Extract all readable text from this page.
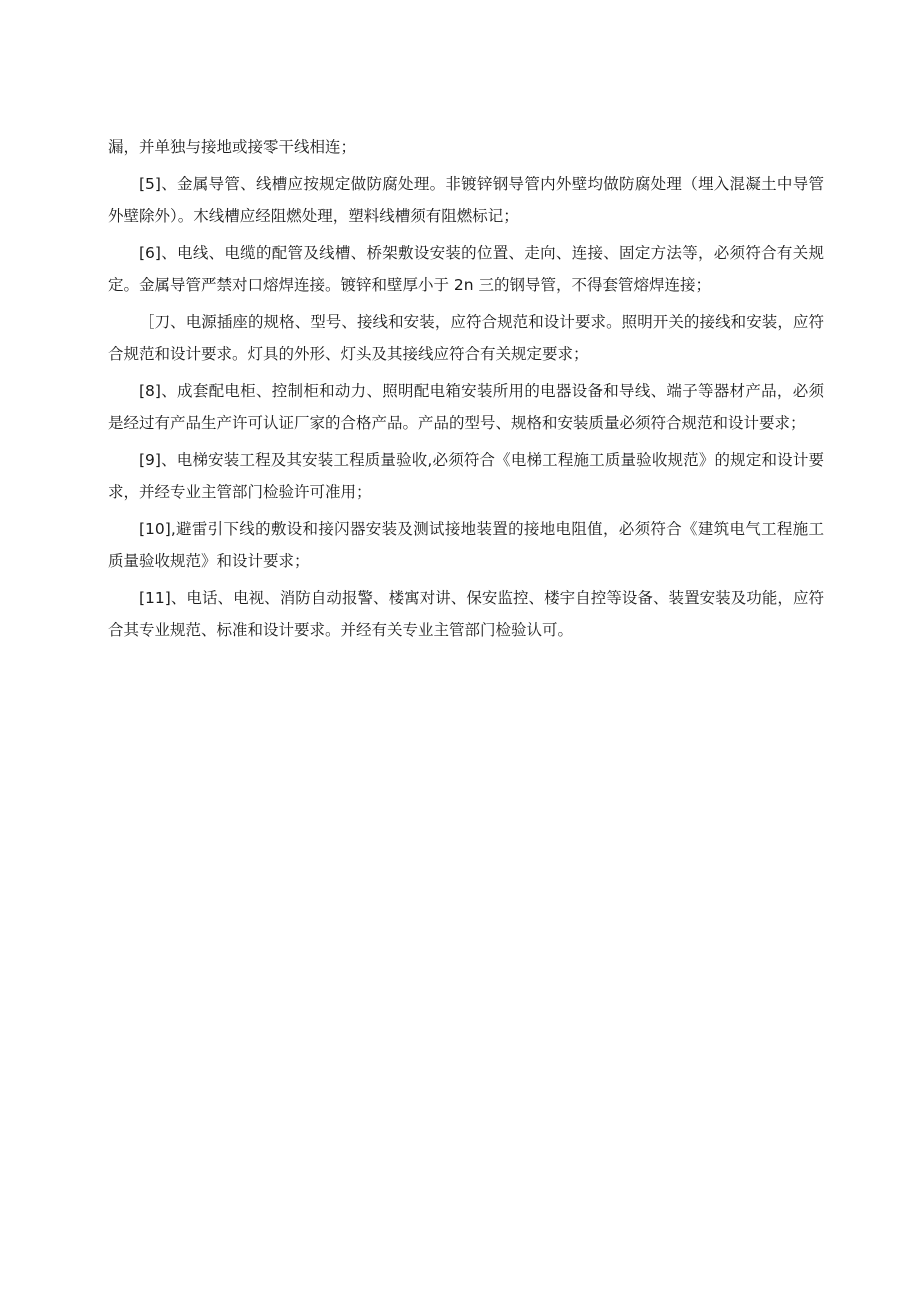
漏，并单独与接地或接零干线相连；

[5]、金属导管、线槽应按规定做防腐处理。非镀锌钢导管内外壁均做防腐处理（埋入混凝土中导管外壁除外）。木线槽应经阻燃处理，塑料线槽须有阻燃标记；

[6]、电线、电缆的配管及线槽、桥架敷设安装的位置、走向、连接、固定方法等，必须符合有关规定。金属导管严禁对口熔焊连接。镀锌和壁厚小于 2n 三的钢导管，不得套管熔焊连接；

［刀、电源插座的规格、型号、接线和安装，应符合规范和设计要求。照明开关的接线和安装，应符合规范和设计要求。灯具的外形、灯头及其接线应符合有关规定要求；

[8]、成套配电柜、控制柜和动力、照明配电箱安装所用的电器设备和导线、端子等器材产品，必须是经过有产品生产许可认证厂家的合格产品。产品的型号、规格和安装质量必须符合规范和设计要求；

[9]、电梯安装工程及其安装工程质量验收,必须符合《电梯工程施工质量验收规范》的规定和设计要求，并经专业主管部门检验许可准用；

[10],避雷引下线的敷设和接闪器安装及测试接地装置的接地电阻值，必须符合《建筑电气工程施工质量验收规范》和设计要求；

[11]、电话、电视、消防自动报警、楼寓对讲、保安监控、楼宇自控等设备、装置安装及功能，应符合其专业规范、标准和设计要求。并经有关专业主管部门检验认可。
